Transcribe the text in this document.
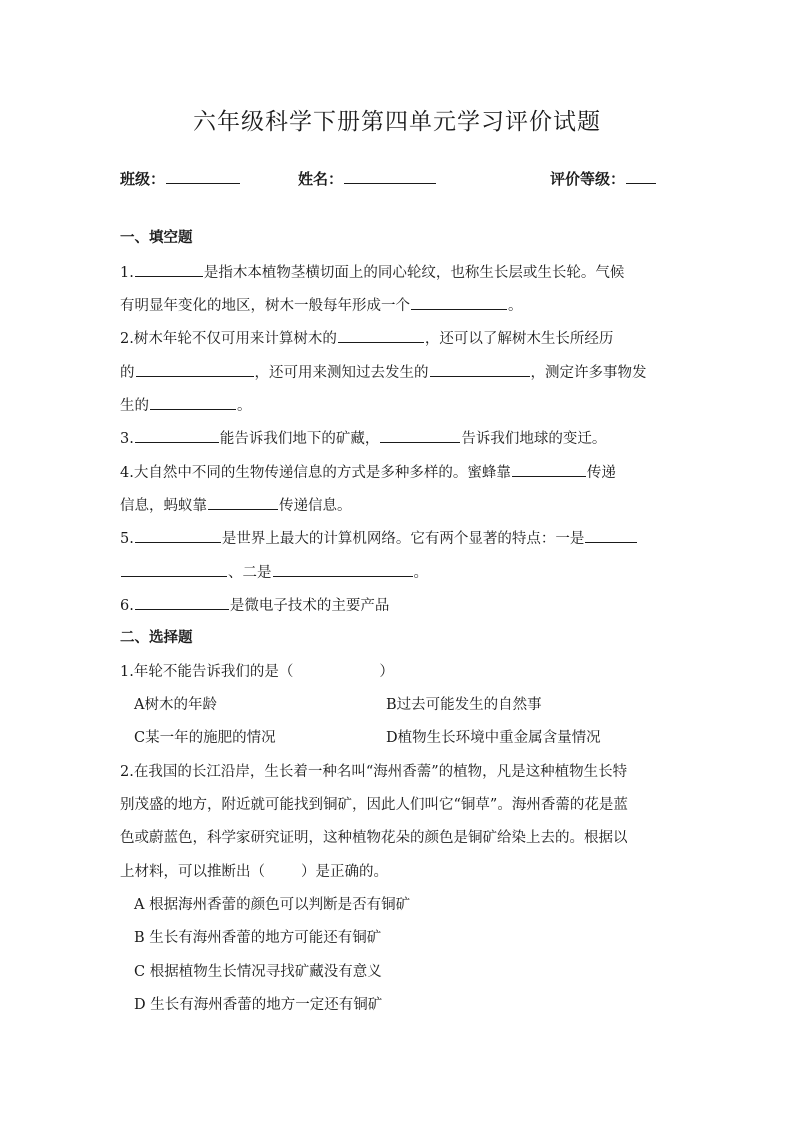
六年级科学下册第四单元学习评价试题
班级：	姓名：	评价等级：
一、填空题
1.	是指木本植物茎横切面上的同心轮纹，也称生长层或生长轮。气候
有明显年变化的地区，树木一般每年形成一个	。
2.树木年轮不仅可用来计算树木的	，还可以了解树木生长所经历
的	，还可用来测知过去发生的	，测定许多事物发
生的	。
3.	能告诉我们地下的矿藏，	告诉我们地球的变迁。
4.大自然中不同的生物传递信息的方式是多种多样的。蜜蜂靠	传递
信息，蚂蚁靠	传递信息。
5.	是世界上最大的计算机网络。它有两个显著的特点：一是
、二是	。
6.	是微电子技术的主要产品
二、选择题
1.年轮不能告诉我们的是（	）
A树木的年龄	B过去可能发生的自然事
C某一年的施肥的情况	D植物生长环境中重金属含量情况
2.在我国的长江沿岸，生长着一种名叫“海州香薷”的植物，凡是这种植物生长特
别茂盛的地方，附近就可能找到铜矿，因此人们叫它“铜草”。海州香薷的花是蓝
色或蔚蓝色，科学家研究证明，这种植物花朵的颜色是铜矿给染上去的。根据以
上材料，可以推断出（ ）是正确的。
A 根据海州香蕾的颜色可以判断是否有铜矿
B 生长有海州香蕾的地方可能还有铜矿
C 根据植物生长情况寻找矿藏没有意义
D 生长有海州香蕾的地方一定还有铜矿
